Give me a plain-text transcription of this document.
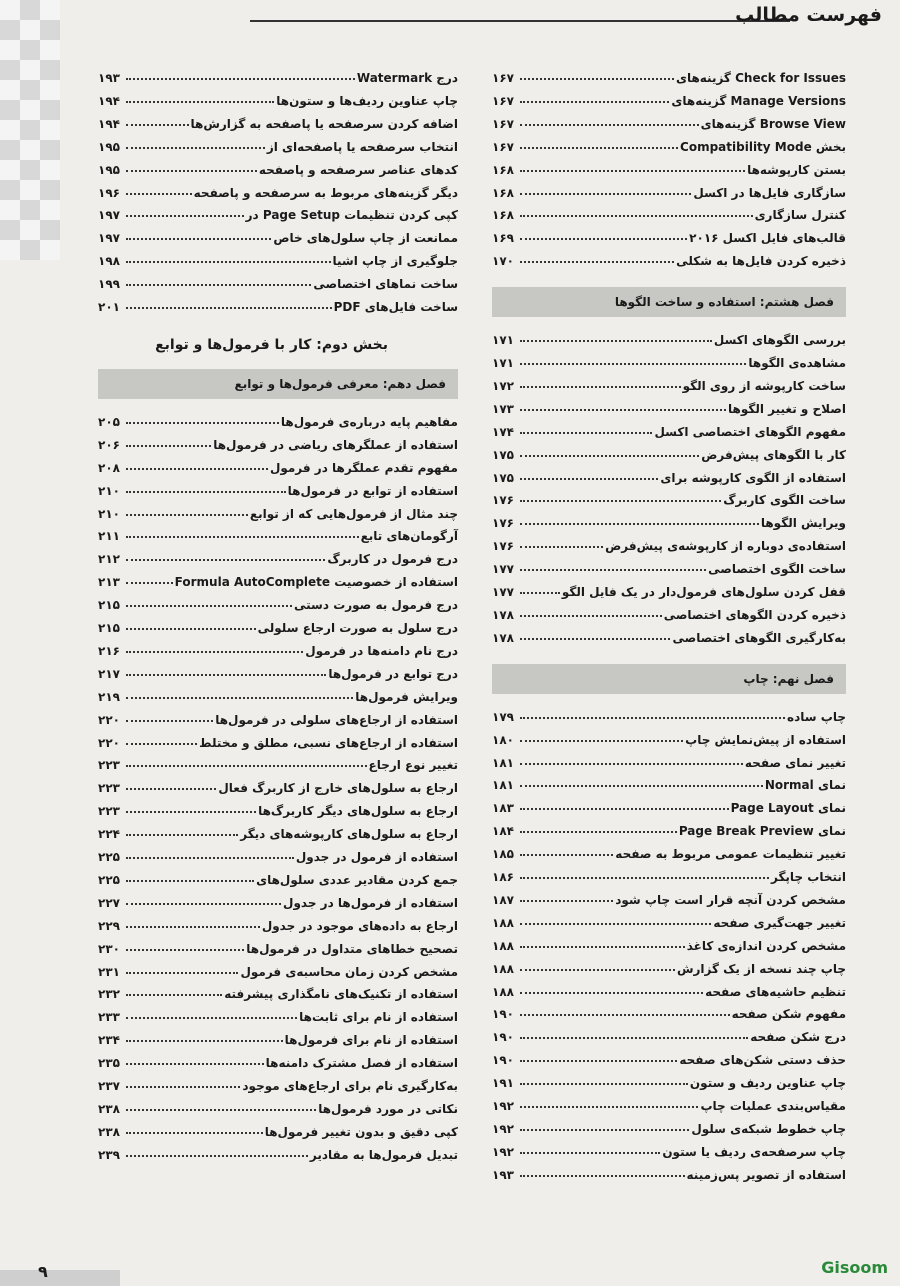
فهرست مطالب
Check for Issues گزینه‌های
۱۶۷
Manage Versions گزینه‌های
۱۶۷
Browse View گزینه‌های
۱۶۷
بخش Compatibility Mode
۱۶۷
بستن کارپوشه‌ها
۱۶۸
سازگاری فایل‌ها در اکسل
۱۶۸
کنترل سازگاری
۱۶۸
قالب‌های فایل اکسل ۲۰۱۶
۱۶۹
ذخیره کردن فایل‌ها به شکلی
۱۷۰
فصل هشتم: استفاده و ساخت الگوها
بررسی الگوهای اکسل
۱۷۱
مشاهده‌ی الگوها
۱۷۱
ساخت کارپوشه از روی الگو
۱۷۲
اصلاح و تغییر الگوها
۱۷۳
مفهوم الگوهای اختصاصی اکسل
۱۷۴
کار با الگوهای پیش‌فرض
۱۷۵
استفاده از الگوی کارپوشه برای
۱۷۵
ساخت الگوی کاربرگ
۱۷۶
ویرایش الگوها
۱۷۶
استفاده‌ی دوباره از کارپوشه‌ی پیش‌فرض
۱۷۶
ساخت الگوی اختصاصی
۱۷۷
قفل کردن سلول‌های فرمول‌دار در یک فایل الگو
۱۷۷
ذخیره کردن الگوهای اختصاصی
۱۷۸
به‌کارگیری الگوهای اختصاصی
۱۷۸
فصل نهم: چاپ
چاپ ساده
۱۷۹
استفاده از پیش‌نمایش چاپ
۱۸۰
تغییر نمای صفحه
۱۸۱
نمای Normal
۱۸۱
نمای Page Layout
۱۸۳
نمای Page Break Preview
۱۸۴
تغییر تنظیمات عمومی مربوط به صفحه
۱۸۵
انتخاب چاپگر
۱۸۶
مشخص کردن آنچه قرار است چاپ شود
۱۸۷
تغییر جهت‌گیری صفحه
۱۸۸
مشخص کردن اندازه‌ی کاغذ
۱۸۸
چاپ چند نسخه از یک گزارش
۱۸۸
تنظیم حاشیه‌های صفحه
۱۸۸
مفهوم شکن صفحه
۱۹۰
درج شکن صفحه
۱۹۰
حذف دستی شکن‌های صفحه
۱۹۰
چاپ عناوین ردیف و ستون
۱۹۱
مقیاس‌بندی عملیات چاپ
۱۹۲
چاپ خطوط شبکه‌ی سلول
۱۹۲
چاپ سرصفحه‌ی ردیف یا ستون
۱۹۲
استفاده از تصویر پس‌زمینه
۱۹۳
درج Watermark
۱۹۳
چاپ عناوین ردیف‌ها و ستون‌ها
۱۹۴
اضافه کردن سرصفحه یا پاصفحه به گزارش‌ها
۱۹۴
انتخاب سرصفحه یا پاصفحه‌ای از
۱۹۵
کدهای عناصر سرصفحه و پاصفحه
۱۹۵
دیگر گزینه‌های مربوط به سرصفحه و پاصفحه
۱۹۶
کپی کردن تنظیمات Page Setup در
۱۹۷
ممانعت از چاپ سلول‌های خاص
۱۹۷
جلوگیری از چاپ اشیا
۱۹۸
ساخت نماهای اختصاصی
۱۹۹
ساخت فایل‌های PDF
۲۰۱
بخش دوم: کار با فرمول‌ها و توابع
فصل دهم: معرفی فرمول‌ها و توابع
مفاهیم پایه درباره‌ی فرمول‌ها
۲۰۵
استفاده از عملگرهای ریاضی در فرمول‌ها
۲۰۶
مفهوم تقدم عملگرها در فرمول
۲۰۸
استفاده از توابع در فرمول‌ها
۲۱۰
چند مثال از فرمول‌هایی که از توابع
۲۱۰
آرگومان‌های تابع
۲۱۱
درج فرمول در کاربرگ
۲۱۲
استفاده از خصوصیت Formula AutoComplete
۲۱۳
درج فرمول به صورت دستی
۲۱۵
درج سلول به صورت ارجاع سلولی
۲۱۵
درج نام دامنه‌ها در فرمول
۲۱۶
درج توابع در فرمول‌ها
۲۱۷
ویرایش فرمول‌ها
۲۱۹
استفاده از ارجاع‌های سلولی در فرمول‌ها
۲۲۰
استفاده از ارجاع‌های نسبی، مطلق و مختلط
۲۲۰
تغییر نوع ارجاع
۲۲۳
ارجاع به سلول‌های خارج از کاربرگ فعال
۲۲۳
ارجاع به سلول‌های دیگر کاربرگ‌ها
۲۲۳
ارجاع به سلول‌های کارپوشه‌های دیگر
۲۲۴
استفاده از فرمول در جدول
۲۲۵
جمع کردن مقادیر عددی سلول‌های
۲۲۵
استفاده از فرمول‌ها در جدول
۲۲۷
ارجاع به داده‌های موجود در جدول
۲۲۹
تصحیح خطاهای متداول در فرمول‌ها
۲۳۰
مشخص کردن زمان محاسبه‌ی فرمول
۲۳۱
استفاده از تکنیک‌های نامگذاری پیشرفته
۲۳۲
استفاده از نام برای ثابت‌ها
۲۳۳
استفاده از نام برای فرمول‌ها
۲۳۴
استفاده از فصل مشترک دامنه‌ها
۲۳۵
به‌کارگیری نام برای ارجاع‌های موجود
۲۳۷
نکاتی در مورد فرمول‌ها
۲۳۸
کپی دقیق و بدون تغییر فرمول‌ها
۲۳۸
تبدیل فرمول‌ها به مقادیر
۲۳۹
۹	Gisoom
